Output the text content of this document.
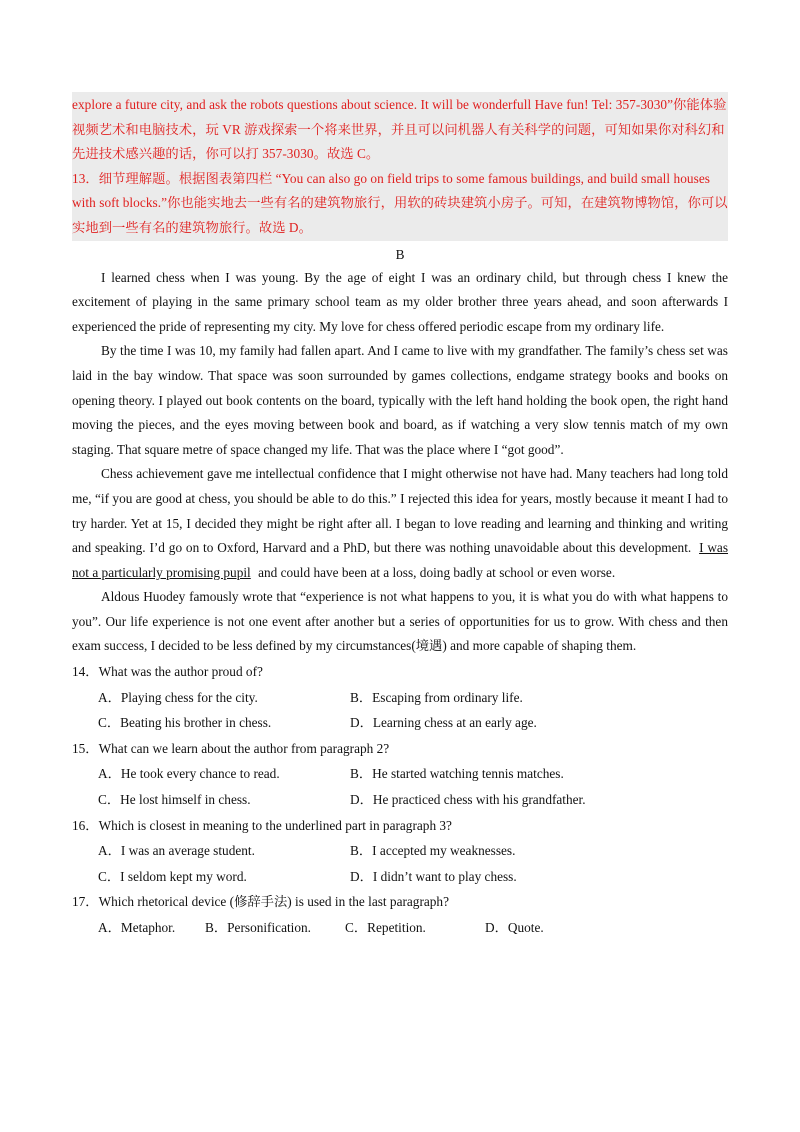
explore a future city, and ask the robots questions about science. It will be wonderfull Have fun! Tel: 357-3030”你能体验视频艺术和电脑技术，玩 VR 游戏探索一个将来世界，并且可以问机器人有关科学的问题，可知如果你对科幻和先进技术感兴趣的话，你可以打 357-3030。故选 C。

13．细节理解题。根据图表第四栏 “You can also go on field trips to some famous buildings, and build small houses with soft blocks.”你也能实地去一些有名的建筑物旅行，用软的砖块建筑小房子。可知，在建筑物博物馆，你可以实地到一些有名的建筑物旅行。故选 D。

B

I learned chess when I was young. By the age of eight I was an ordinary child, but through chess I knew the excitement of playing in the same primary school team as my older brother three years ahead, and soon afterwards I experienced the pride of representing my city. My love for chess offered periodic escape from my ordinary life.

By the time I was 10, my family had fallen apart. And I came to live with my grandfather. The family’s chess set was laid in the bay window. That space was soon surrounded by games collections, endgame strategy books and books on opening theory. I played out book contents on the board, typically with the left hand holding the book open, the right hand moving the pieces, and the eyes moving between book and board, as if watching a very slow tennis match of my own staging. That square metre of space changed my life. That was the place where I “got good”.

Chess achievement gave me intellectual confidence that I might otherwise not have had. Many teachers had long told me, “if you are good at chess, you should be able to do this.” I rejected this idea for years, mostly because it meant I had to try harder. Yet at 15, I decided they might be right after all. I began to love reading and learning and thinking and writing and speaking. I’d go on to Oxford, Harvard and a PhD, but there was nothing unavoidable about this development. I was not a particularly promising pupil and could have been at a loss, doing badly at school or even worse.

Aldous Huodey famously wrote that “experience is not what happens to you, it is what you do with what happens to you”. Our life experience is not one event after another but a series of opportunities for us to grow. With chess and then exam success, I decided to be less defined by my circumstances(境遇) and more capable of shaping them.

14．What was the author proud of?

A．Playing chess for the city.	B．Escaping from ordinary life.
C．Beating his brother in chess.	D．Learning chess at an early age.

15．What can we learn about the author from paragraph 2?

A．He took every chance to read.	B．He started watching tennis matches.
C．He lost himself in chess.	D．He practiced chess with his grandfather.

16．Which is closest in meaning to the underlined part in paragraph 3?

A．I was an average student.	B．I accepted my weaknesses.
C．I seldom kept my word.	D．I didn’t want to play chess.

17．Which rhetorical device (修辞手法) is used in the last paragraph?

A．Metaphor.	B．Personification.	C．Repetition.	D．Quote.
